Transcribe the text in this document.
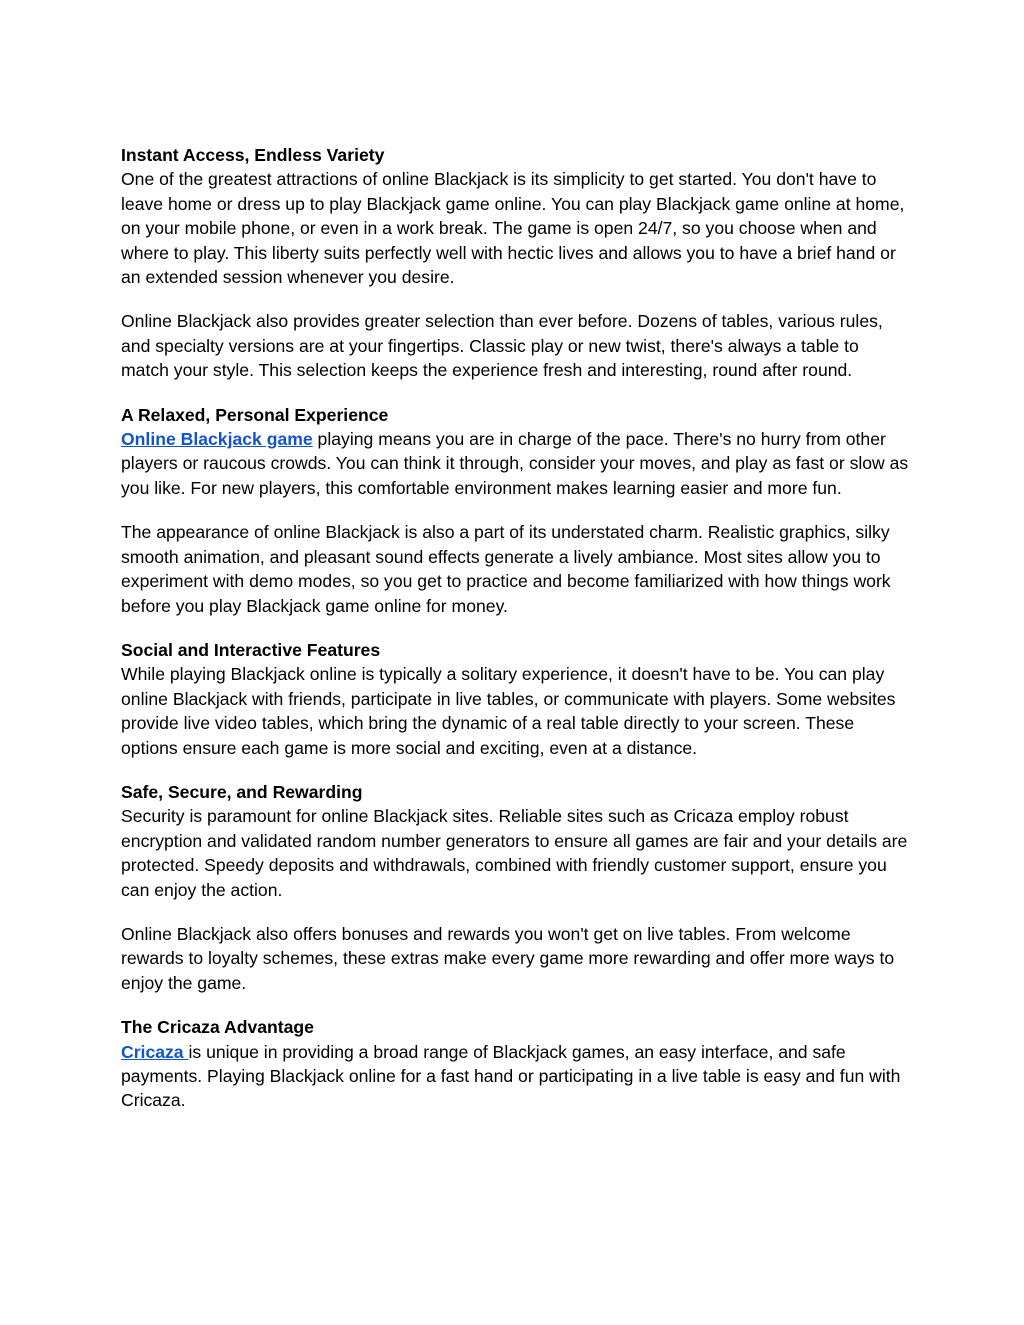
Instant Access, Endless Variety

One of the greatest attractions of online Blackjack is its simplicity to get started. You don't have to leave home or dress up to play Blackjack game online. You can play Blackjack game online at home, on your mobile phone, or even in a work break. The game is open 24/7, so you choose when and where to play. This liberty suits perfectly well with hectic lives and allows you to have a brief hand or an extended session whenever you desire.

Online Blackjack also provides greater selection than ever before. Dozens of tables, various rules, and specialty versions are at your fingertips. Classic play or new twist, there's always a table to match your style. This selection keeps the experience fresh and interesting, round after round.

A Relaxed, Personal Experience

Online Blackjack game playing means you are in charge of the pace. There's no hurry from other players or raucous crowds. You can think it through, consider your moves, and play as fast or slow as you like. For new players, this comfortable environment makes learning easier and more fun.

The appearance of online Blackjack is also a part of its understated charm. Realistic graphics, silky smooth animation, and pleasant sound effects generate a lively ambiance. Most sites allow you to experiment with demo modes, so you get to practice and become familiarized with how things work before you play Blackjack game online for money.

Social and Interactive Features

While playing Blackjack online is typically a solitary experience, it doesn't have to be. You can play online Blackjack with friends, participate in live tables, or communicate with players. Some websites provide live video tables, which bring the dynamic of a real table directly to your screen. These options ensure each game is more social and exciting, even at a distance.

Safe, Secure, and Rewarding

Security is paramount for online Blackjack sites. Reliable sites such as Cricaza employ robust encryption and validated random number generators to ensure all games are fair and your details are protected. Speedy deposits and withdrawals, combined with friendly customer support, ensure you can enjoy the action.

Online Blackjack also offers bonuses and rewards you won't get on live tables. From welcome rewards to loyalty schemes, these extras make every game more rewarding and offer more ways to enjoy the game.

The Cricaza Advantage

Cricaza is unique in providing a broad range of Blackjack games, an easy interface, and safe payments. Playing Blackjack online for a fast hand or participating in a live table is easy and fun with Cricaza.
